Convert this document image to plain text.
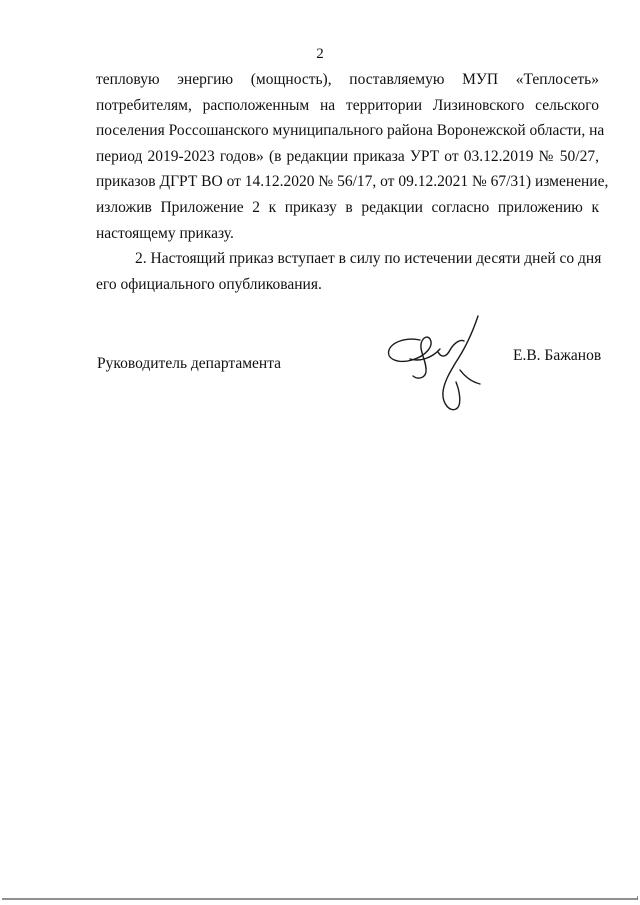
2
тепловую энергию (мощность), поставляемую МУП «Теплосеть»
потребителям, расположенным на территории Лизиновского сельского
поселения Россошанского муниципального района Воронежской области, на
период 2019-2023 годов» (в редакции приказа УРТ от 03.12.2019 № 50/27,
приказов ДГРТ ВО от 14.12.2020 № 56/17, от 09.12.2021 № 67/31) изменение,
изложив Приложение 2 к приказу в редакции согласно приложению к
настоящему приказу.
2. Настоящий приказ вступает в силу по истечении десяти дней со дня
его официального опубликования.
Руководитель департамента	Е.В. Бажанов
